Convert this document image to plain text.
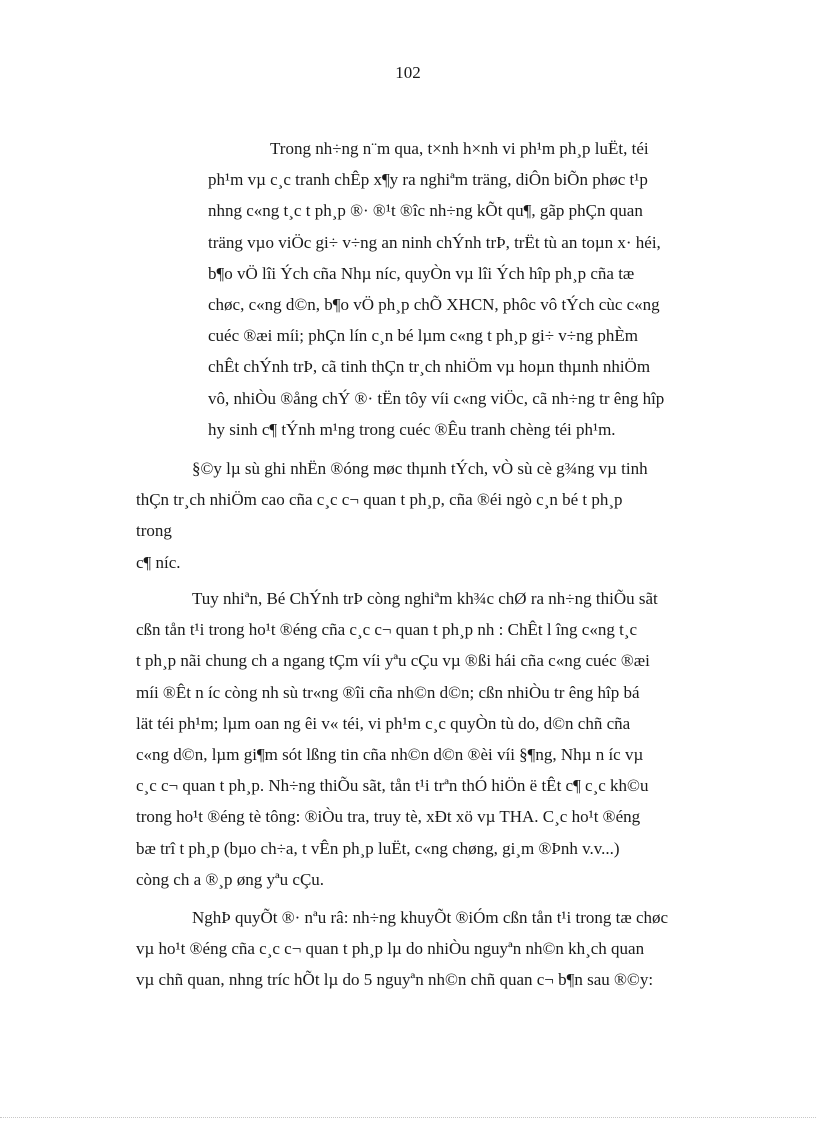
102
Trong nh÷ng n¨m qua, t×nh h×nh vi ph¹m ph¸p luËt, téi
ph¹m vµ c¸c tranh chÊp x¶y ra nghiªm träng, diÔn biÕn phøc t¹p
nhng c«ng t¸c t ph¸p ®· ®¹t ®îc nh÷ng kÕt qu¶, gãp phÇn quan
träng vµo viÖc gi÷ v÷ng an ninh chÝnh trÞ, trËt tù an toµn x· héi,
b¶o vÖ lîi Ých cña Nhµ níc, quyÒn vµ lîi Ých hîp ph¸p cña tæ
chøc, c«ng d©n, b¶o vÖ ph¸p chÕ XHCN, phôc vô tÝch cùc c«ng
cuéc ®æi míi; phÇn lín c¸n bé lµm c«ng t ph¸p gi÷ v÷ng phÈm
chÊt chÝnh trÞ, cã tinh thÇn tr¸ch nhiÖm vµ hoµn thµnh nhiÖm
vô, nhiÒu ®ång chÝ ®· tËn tôy víi c«ng viÖc, cã nh÷ng tr êng hîp
hy sinh c¶ tÝnh m¹ng trong cuéc ®Êu tranh chèng téi ph¹m.
§©y lµ sù ghi nhËn ®óng møc thµnh tÝch, vÒ sù cè g¾ng vµ tinh
thÇn tr¸ch nhiÖm cao cña c¸c c¬ quan t ph¸p, cña ®éi ngò c¸n bé t ph¸p
trong
c¶ níc.
Tuy nhiªn, Bé ChÝnh trÞ còng nghiªm kh¾c chØ ra nh÷ng thiÕu sãt
cßn tån t¹i trong ho¹t ®éng cña c¸c c¬ quan t ph¸p nh : ChÊt l îng c«ng t¸c
t ph¸p nãi chung ch a ngang tÇm víi yªu cÇu vµ ®ßi hái cña c«ng cuéc ®æi
míi ®Êt n íc còng nh sù tr«ng ®îi cña nh©n d©n; cßn nhiÒu tr êng hîp bá
lät téi ph¹m; lµm oan ng êi v« téi, vi ph¹m c¸c quyÒn tù do, d©n chñ cña
c«ng d©n, lµm gi¶m sót lßng tin cña nh©n d©n ®èi víi §¶ng, Nhµ n íc vµ
c¸c c¬ quan t ph¸p. Nh÷ng thiÕu sãt, tån t¹i trªn thÓ hiÖn ë tÊt c¶ c¸c kh©u
trong ho¹t ®éng tè tông: ®iÒu tra, truy tè, xÐt xö vµ THA. C¸c ho¹t ®éng
bæ trî t ph¸p (bµo ch÷a, t vÊn ph¸p luËt, c«ng chøng, gi¸m ®Þnh v.v...)
còng ch a ®¸p øng yªu cÇu.
NghÞ quyÕt ®· nªu râ: nh÷ng khuyÕt ®iÓm cßn tån t¹i trong tæ chøc
vµ ho¹t ®éng cña c¸c c¬ quan t ph¸p lµ do nhiÒu nguyªn nh©n kh¸ch quan
vµ chñ quan, nhng tríc hÕt lµ do 5 nguyªn nh©n chñ quan c¬ b¶n sau ®©y:
